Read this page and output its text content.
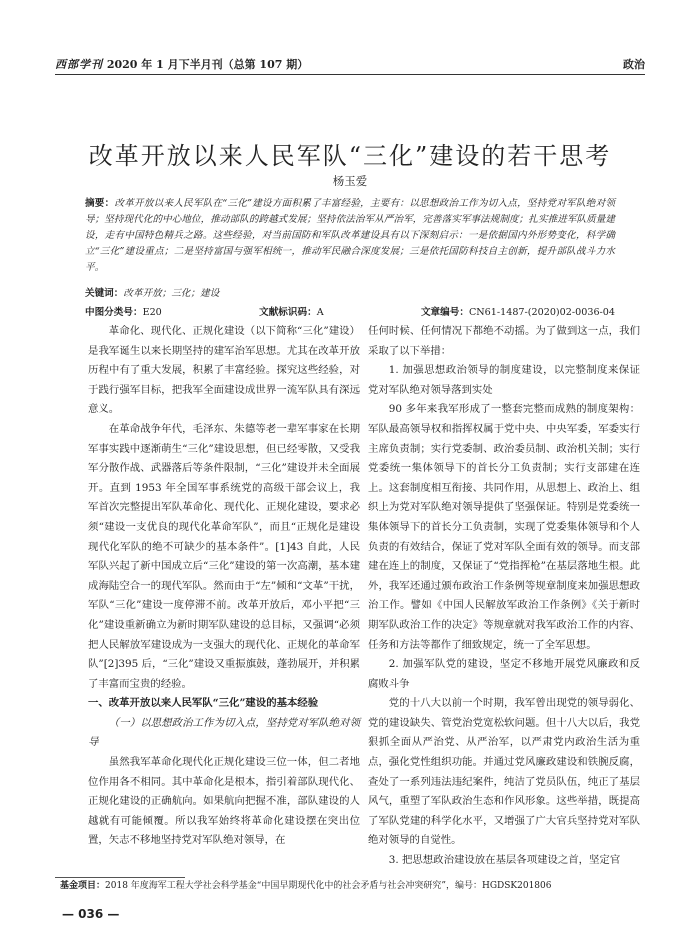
西部学刊 2020 年 1 月下半月刊（总第 107 期）	政治
改革开放以来人民军队“三化”建设的若干思考
杨玉爱
摘要：改革开放以来人民军队在“三化”建设方面积累了丰富经验，主要有：以思想政治工作为切入点，坚持党对军队绝对领导；坚持现代化的中心地位，推动部队的跨越式发展；坚持依法治军从严治军，完善落实军事法规制度；扎实推进军队质量建设，走有中国特色精兵之路。这些经验，对当前国防和军队改革建设具有以下深刻启示：一是依据国内外形势变化，科学确立“三化”建设重点；二是坚持富国与强军相统一，推动军民融合深度发展；三是依托国防科技自主创新，提升部队战斗力水平。
关键词：改革开放；三化；建设
中图分类号：E20	文献标识码：A	文章编号：CN61-1487-(2020)02-0036-04

革命化、现代化、正规化建设（以下简称“三化”建设）是我军诞生以来长期坚持的建军治军思想。尤其在改革开放历程中有了重大发展，积累了丰富经验。探究这些经验，对于践行强军目标，把我军全面建设成世界一流军队具有深远意义。

在革命战争年代，毛泽东、朱德等老一辈军事家在长期军事实践中逐渐萌生“三化”建设思想，但已经零散，又受我军分散作战、武器落后等条件限制，“三化”建设并未全面展开。直到 1953 年全国军事系统党的高级干部会议上，我军首次完整提出军队革命化、现代化、正规化建设，要求必须“建设一支优良的现代化革命军队”，而且“正规化是建设现代化军队的绝不可缺少的基本条件”。[1]43 自此，人民军队兴起了新中国成立后“三化”建设的第一次高潮，基本建成海陆空合一的现代军队。然而由于“左”倾和“文革”干扰，军队“三化”建设一度停滞不前。改革开放后，邓小平把“三化”建设重新确立为新时期军队建设的总目标，又强调“必须把人民解放军建设成为一支强大的现代化、正规化的革命军队”[2]395 后，“三化”建设又重振旗鼓，蓬勃展开，并积累了丰富而宝贵的经验。

一、改革开放以来人民军队“三化”建设的基本经验

（一）以思想政治工作为切入点，坚持党对军队绝对领导

虽然我军革命化现代化正规化建设三位一体，但二者地位作用各不相同。其中革命化是根本，指引着部队现代化、正规化建设的正确航向。如果航向把握不准，部队建设的人越就有可能倾覆。所以我军始终将革命化建设摆在突出位置，矢志不移地坚持党对军队绝对领导，在

任何时候、任何情况下都绝不动摇。为了做到这一点，我们采取了以下举措：

1. 加强思想政治领导的制度建设，以完整制度来保证党对军队绝对领导落到实处

90 多年来我军形成了一整套完整而成熟的制度架构：军队最高领导权和指挥权属于党中央、中央军委，军委实行主席负责制；实行党委制、政治委员制、政治机关制；实行党委统一集体领导下的首长分工负责制；实行支部建在连上。这套制度相互衔接、共同作用，从思想上、政治上、组织上为党对军队绝对领导提供了坚强保证。特别是党委统一集体领导下的首长分工负责制，实现了党委集体领导和个人负责的有效结合，保证了党对军队全面有效的领导。而支部建在连上的制度，又保证了“党指挥枪”在基层落地生根。此外，我军还通过颁布政治工作条例等规章制度来加强思想政治工作。譬如《中国人民解放军政治工作条例》《关于新时期军队政治工作的决定》等规章就对我军政治工作的内容、任务和方法等都作了细致规定，统一了全军思想。

2. 加强军队党的建设，坚定不移地开展党风廉政和反腐败斗争

党的十八大以前一个时期，我军曾出现党的领导弱化、党的建设缺失、管党治党宽松软问题。但十八大以后，我党狠抓全面从严治党、从严治军，以严肃党内政治生活为重点，强化党性组织功能。并通过党风廉政建设和铁腕反腐，查处了一系列违法违纪案件，纯洁了党员队伍，纯正了基层风气，重塑了军队政治生态和作风形象。这些举措，既提高了军队党建的科学化水平，又增强了广大官兵坚持党对军队绝对领导的自觉性。

3. 把思想政治建设放在基层各项建设之首，坚定官

基金项目：2018 年度海军工程大学社会科学基金“中国早期现代化中的社会矛盾与社会冲突研究”，编号：HGDSK201806
— 036 —
